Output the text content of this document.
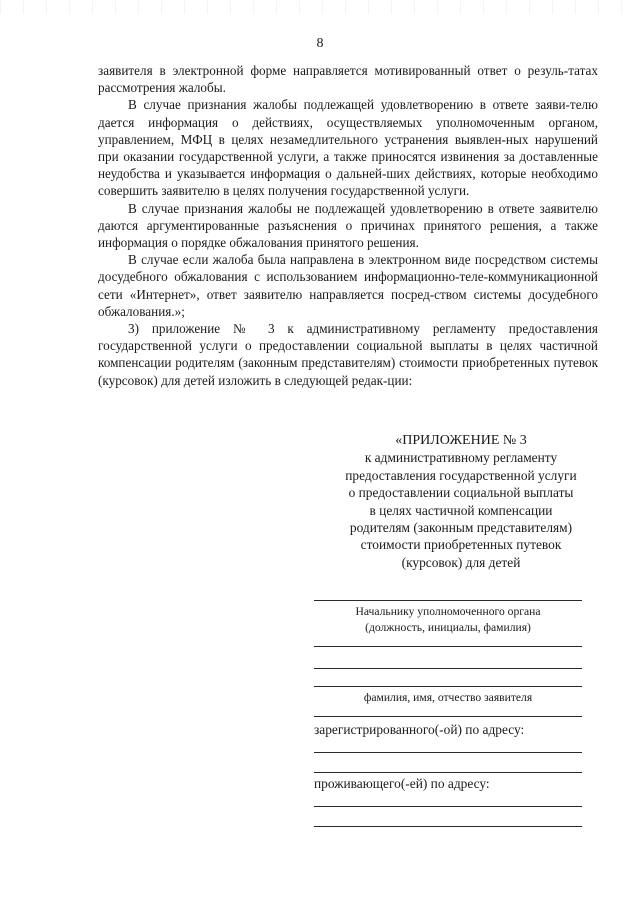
8

заявителя в электронной форме направляется мотивированный ответ о резуль-татах рассмотрения жалобы.

В случае признания жалобы подлежащей удовлетворению в ответе заяви-телю дается информация о действиях, осуществляемых уполномоченным органом, управлением, МФЦ в целях незамедлительного устранения выявлен-ных нарушений при оказании государственной услуги, а также приносятся извинения за доставленные неудобства и указывается информация о дальней-ших действиях, которые необходимо совершить заявителю в целях получения государственной услуги.

В случае признания жалобы не подлежащей удовлетворению в ответе заявителю даются аргументированные разъяснения о причинах принятого решения, а также информация о порядке обжалования принятого решения.

В случае если жалоба была направлена в электронном виде посредством системы досудебного обжалования с использованием информационно-теле-коммуникационной сети «Интернет», ответ заявителю направляется посред-ством системы досудебного обжалования.»;

3) приложение № 3 к административному регламенту предоставления государственной услуги о предоставлении социальной выплаты в целях частичной компенсации родителям (законным представителям) стоимости приобретенных путевок (курсовок) для детей изложить в следующей редак-ции:

«ПРИЛОЖЕНИЕ № 3
к административному регламенту
предоставления государственной услуги
о предоставлении социальной выплаты
в целях частичной компенсации
родителям (законным представителям)
стоимости приобретенных путевок
(курсовок) для детей
Начальнику уполномоченного органа
(должность, инициалы, фамилия)
фамилия, имя, отчество заявителя
зарегистрированного(-ой) по адресу:
проживающего(-ей) по адресу:
